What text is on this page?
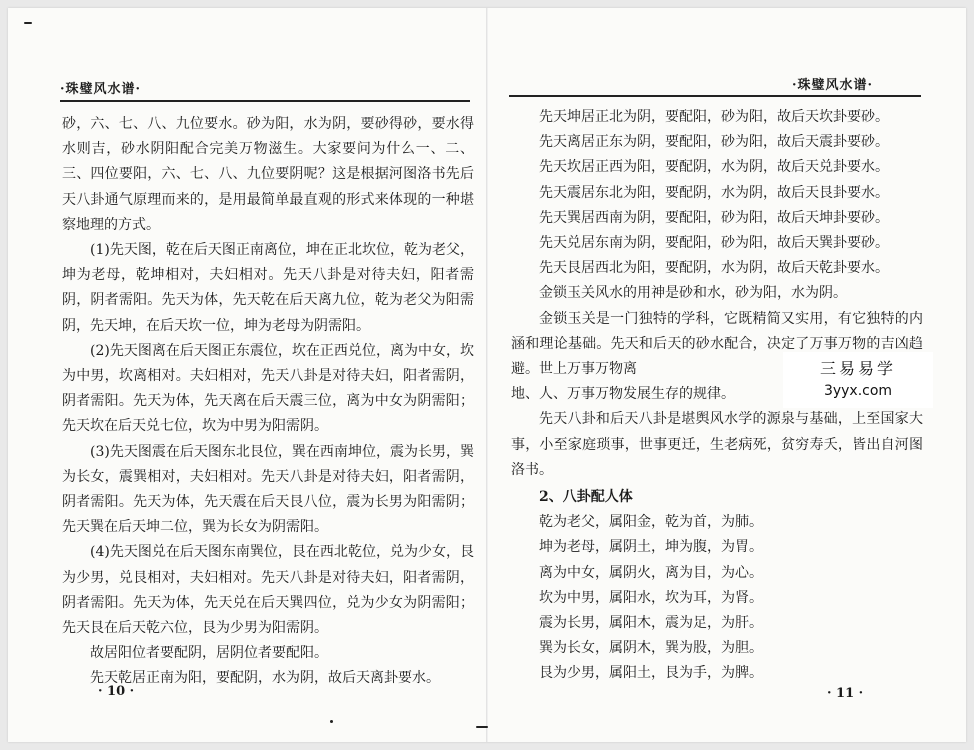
·珠璧风水谱·

砂，六、七、八、九位要水。砂为阳，水为阴，要砂得砂，要水得水则吉，砂水阴阳配合完美万物滋生。大家要问为什么一、二、三、四位要阳，六、七、八、九位要阴呢？这是根据河图洛书先后天八卦通气原理而来的，是用最简单最直观的形式来体现的一种堪察地理的方式。

(1)先天图，乾在后天图正南离位，坤在正北坎位，乾为老父，坤为老母，乾坤相对，夫妇相对。先天八卦是对待夫妇，阳者需阴，阴者需阳。先天为体，先天乾在后天离九位，乾为老父为阳需阴，先天坤，在后天坎一位，坤为老母为阴需阳。

(2)先天图离在后天图正东震位，坎在正西兑位，离为中女，坎为中男，坎离相对。夫妇相对，先天八卦是对待夫妇，阳者需阴，阴者需阳。先天为体，先天离在后天震三位，离为中女为阴需阳；先天坎在后天兑七位，坎为中男为阳需阴。

(3)先天图震在后天图东北艮位，巽在西南坤位，震为长男，巽为长女，震巽相对，夫妇相对。先天八卦是对待夫妇，阳者需阴，阴者需阳。先天为体，先天震在后天艮八位，震为长男为阳需阴；先天巽在后天坤二位，巽为长女为阴需阳。

(4)先天图兑在后天图东南巽位，艮在西北乾位，兑为少女，艮为少男，兑艮相对，夫妇相对。先天八卦是对待夫妇，阳者需阴，阴者需阳。先天为体，先天兑在后天巽四位，兑为少女为阴需阳；先天艮在后天乾六位，艮为少男为阳需阴。

故居阳位者要配阴，居阴位者要配阳。

先天乾居正南为阳，要配阴，水为阴，故后天离卦要水。

· 10 ·
·珠璧风水谱·

先天坤居正北为阴，要配阳，砂为阳，故后天坎卦要砂。

先天离居正东为阴，要配阳，砂为阳，故后天震卦要砂。

先天坎居正西为阳，要配阴，水为阴，故后天兑卦要水。

先天震居东北为阳，要配阴，水为阴，故后天艮卦要水。

先天巽居西南为阴，要配阳，砂为阳，故后天坤卦要砂。

先天兑居东南为阴，要配阳，砂为阳，故后天巽卦要砂。

先天艮居西北为阳，要配阴，水为阴，故后天乾卦要水。

金锁玉关风水的用神是砂和水，砂为阳，水为阴。

金锁玉关是一门独特的学科，它既精简又实用，有它独特的内涵和理论基础。先天和后天的砂水配合，决定了万事万物的吉凶趋避。世上万事万物离

地、人、万事万物发展生存的规律。

先天八卦和后天八卦是堪舆风水学的源泉与基础，上至国家大事，小至家庭琐事，世事更迁，生老病死，贫穷寿夭，皆出自河图洛书。

2、八卦配人体

乾为老父，属阳金，乾为首，为肺。

坤为老母，属阴土，坤为腹，为胃。

离为中女，属阴火，离为目，为心。

坎为中男，属阳水，坎为耳，为肾。

震为长男，属阳木，震为足，为肝。

巽为长女，属阴木，巽为股，为胆。

艮为少男，属阳土，艮为手，为脾。

· 11 ·
三易易学
3yyx.com
